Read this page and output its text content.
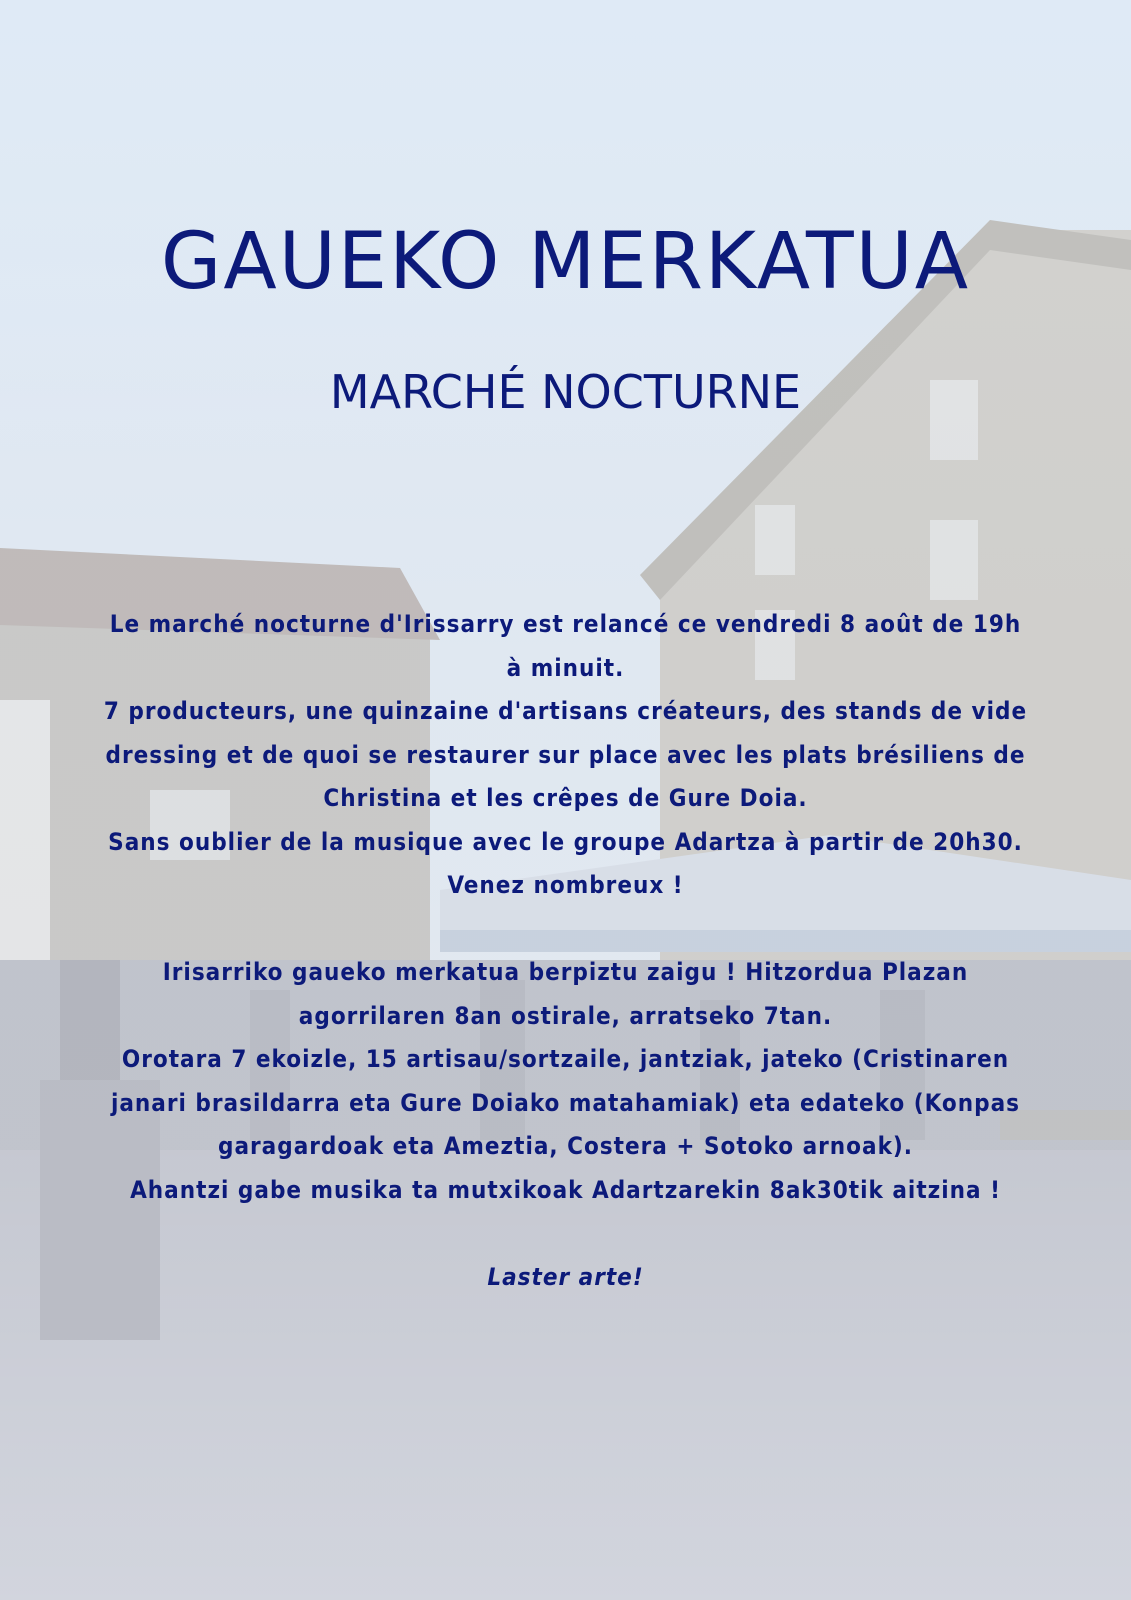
GAUEKO MERKATUA
MARCHÉ NOCTURNE

Le marché nocturne d'Irissarry est relancé ce vendredi 8 août de 19h à minuit.

7 producteurs, une quinzaine d'artisans créateurs, des stands de vide dressing et de quoi se restaurer sur place avec les plats brésiliens de Christina et les crêpes de Gure Doia.

Sans oublier de la musique avec le groupe Adartza à partir de 20h30.

Venez nombreux !

Irisarriko gaueko merkatua berpiztu zaigu ! Hitzordua Plazan agorrilaren 8an ostirale, arratseko 7tan.

Orotara 7 ekoizle, 15 artisau/sortzaile, jantziak, jateko (Cristinaren janari brasildarra eta Gure Doiako matahamiak) eta edateko (Konpas garagardoak eta Ameztia, Costera + Sotoko arnoak).

Ahantzi gabe musika ta mutxikoak Adartzarekin 8ak30tik aitzina !

Laster arte!
